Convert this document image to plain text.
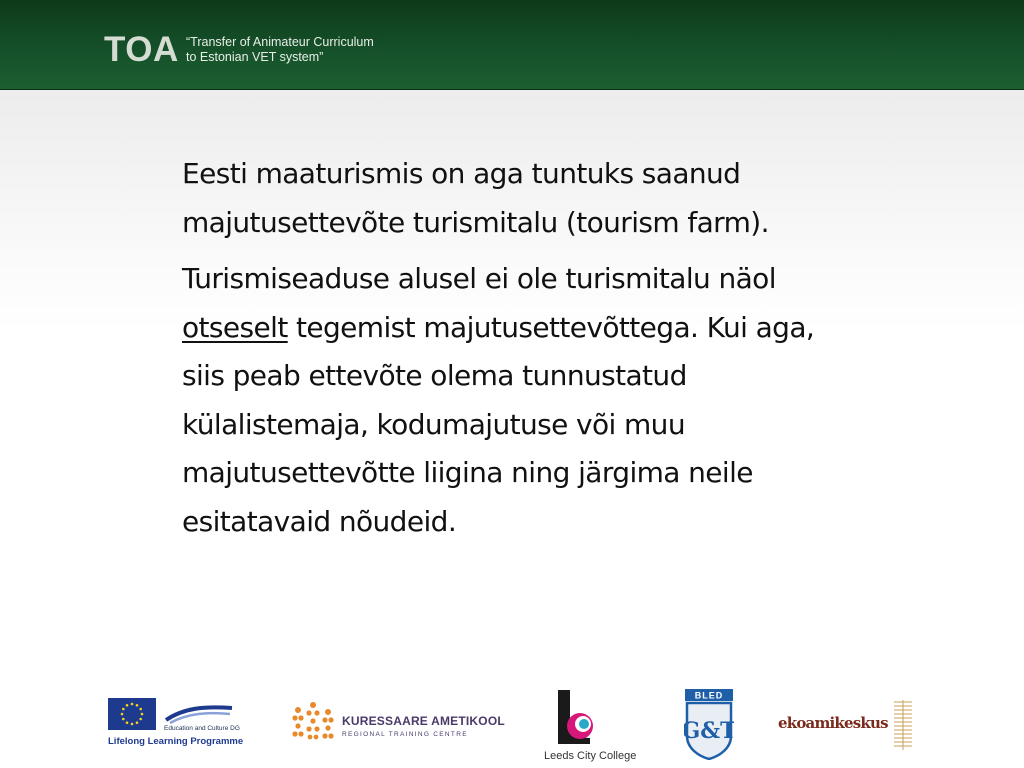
TOA “Transfer of Animateur Curriculum
to Estonian VET system”

Eesti maaturismis on aga tuntuks saanud
majutusettevõte turismitalu (tourism farm).

Turismiseaduse alusel ei ole turismitalu näol
otseselt tegemist majutusettevõttega. Kui aga,
siis peab ettevõte olema tunnustatud
külalistemaja, kodumajutuse või muu
majutusettevõtte liigina ning järgima neile
esitatavaid nõudeid.

Education and Culture DG
Lifelong Learning Programme
KURESSAARE AMETIKOOL
REGIONAL TRAINING CENTRE
Leeds City College
BLED
G&T	ekoamikeskus
